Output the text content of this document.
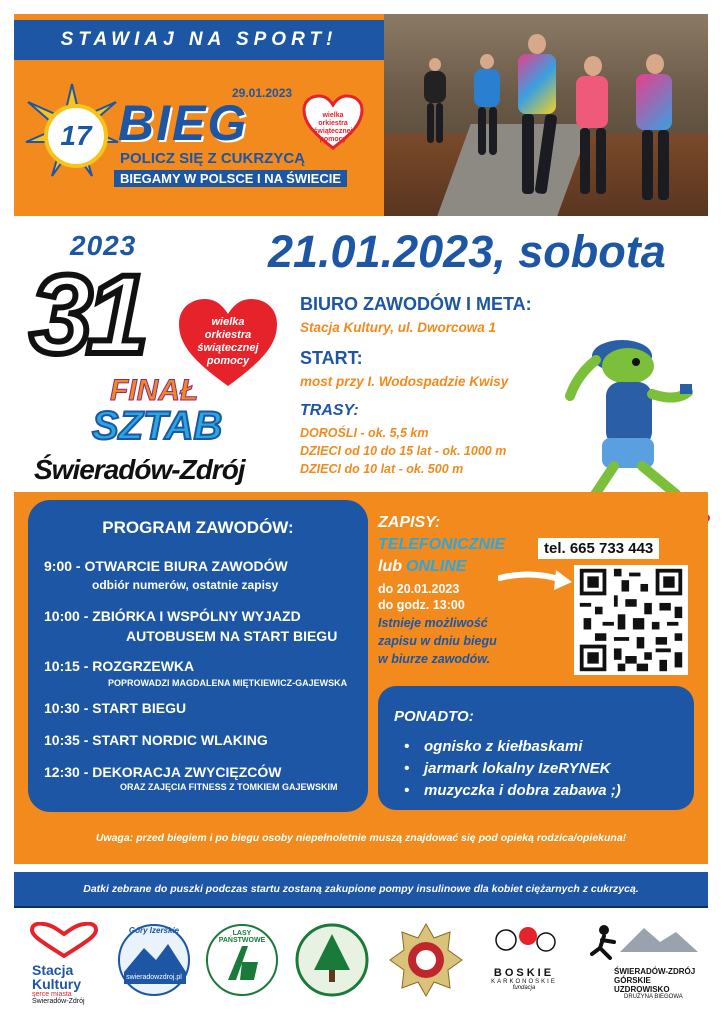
STAWIAJ NA SPORT!
17
29.01.2023
BIEG
POLICZ SIĘ Z CUKRZYCĄ
BIEGAMY W POLSCE I NA ŚWIECIE
wielka orkiestra świątecznej pomocy
2023
31	wielka orkiestra świątecznej pomocy
FINAŁ
SZTAB
Świeradów-Zdrój
21.01.2023, sobota
BIURO ZAWODÓW I META:
Stacja Kultury, ul. Dworcowa 1
START:
most przy I. Wodospadzie Kwisy
TRASY:
DOROŚLI - ok. 5,5 km
DZIECI od 10 do 15 lat - ok. 1000 m
DZIECI do 10 lat - ok. 500 m
PROGRAM ZAWODÓW:
9:00 - OTWARCIE BIURA ZAWODÓW
odbiór numerów, ostatnie zapisy
10:00 - ZBIÓRKA I WSPÓLNY WYJAZD
AUTOBUSEM NA START BIEGU
10:15 - ROZGRZEWKA
POPROWADZI MAGDALENA MIĘTKIEWICZ-GAJEWSKA
10:30 - START BIEGU
10:35 - START NORDIC WLAKING
12:30 - DEKORACJA ZWYCIĘZCÓW
ORAZ ZAJĘCIA FITNESS Z TOMKIEM GAJEWSKIM
ZAPISY:
TELEFONICZNIE
lub ONLINE
tel. 665 733 443
do 20.01.2023
do godz. 13:00
Istnieje możliwość
zapisu w dniu biegu
w biurze zawodów.
PONADTO:
• ognisko z kiełbaskami
• jarmark lokalny IzeRYNEK
• muzyczka i dobra zabawa ;)
Uwaga: przed biegiem i po biegu osoby niepełnoletnie muszą znajdować się pod opieką rodzica/opiekuna!
Datki zebrane do puszki podczas startu zostaną zakupione pompy insulinowe dla kobiet ciężarnych z cukrzycą.
Stacja
Kultury
serce miasta
Świeradów-Zdrój
Góry Izerskie
swieradowzdroj.pl
LASY PAŃSTWOWE
BOSKIE
KARKONOSKIE
fundacja
ŚWIERADÓW-ZDRÓJ
GÓRSKIE UZDROWISKO
DRUŻYNA BIEGOWA
